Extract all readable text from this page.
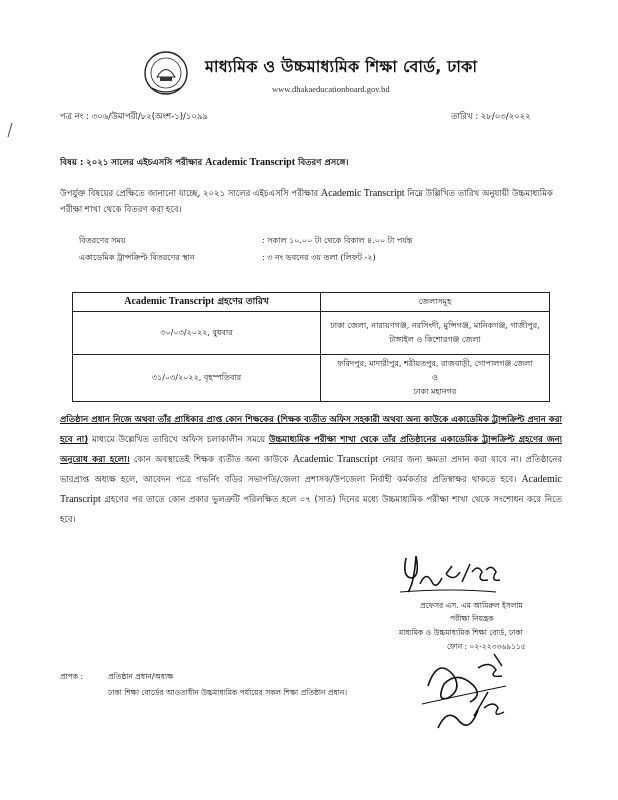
মাধ্যমিক ও উচ্চমাধ্যমিক শিক্ষা বোর্ড, ঢাকা
www.dhakaeducationboard.gov.bd
পত্র নং : ৩০৬/উমাপরী/৮২(অংশ-১)/১০৯৯	তারিখ : ২৮/০৩/২০২২
বিষয় : ২০২১ সালের এইচএসসি পরীক্ষার Academic Transcript বিতরণ প্রসঙ্গে।
উপর্যুক্ত বিষয়ের প্রেক্ষিতে জানানো যাচ্ছে, ২০২১ সালের এইচএসসি পরীক্ষার Academic Transcript নিম্নে উল্লিখিত তারিখ অনুযায়ী উচ্চমাধ্যমিক পরীক্ষা শাখা থেকে বিতরণ করা হবে।
বিতরণের সময়	: সকাল ১০.০০ টা থেকে বিকাল ৪.০০ টা পর্যন্ত
একাডেমিক ট্রান্সক্রিপ্ট বিতরণের স্থান	: ৩ নং ভবনের ৩য় তলা (লিফট -২)
Academic Transcript গ্রহণের তারিখ	জেলাসমূহ
৩০/০৩/২০২২, বুধবার	ঢাকা জেলা, নারায়ণগঞ্জ, নরসিংদী, মুন্সিগঞ্জ, মানিকগঞ্জ, গাজীপুর,
টাঙ্গাইল ও কিশোরগঞ্জ জেলা

৩১/০৩/২০২২, বৃহস্পতিবার	ফরিদপুর, মাদারীপুর, শরীয়তপুর, রাজবাড়ী, গোপালগঞ্জ জেলা
ও
ঢাকা মহানগর
প্রতিষ্ঠান প্রধান নিজে অথবা তাঁর প্রাধিকার প্রাপ্ত কোন শিক্ষকের (শিক্ষক ব্যতীত অফিস সহকারী অথবা অন্য কাউকে একাডেমিক ট্রান্সক্রিপ্ট প্রদান করা হবে না) মাধ্যমে উল্লেখিত তারিখে অফিস চলাকালীন সময়ে উচ্চমাধ্যমিক পরীক্ষা শাখা থেকে তাঁর প্রতিষ্ঠানের একাডেমিক ট্রান্সক্রিপ্ট গ্রহণের জন্য অনুরোধ করা হলো। কোন অবস্থাতেই শিক্ষক ব্যতীত অন্য কাউকে Academic Transcript নেয়ার জন্য ক্ষমতা প্রদান করা যাবে না। প্রতিষ্ঠানের ভারপ্রাপ্ত অধ্যক্ষ হলে, আবেদন পত্রে গভর্নিং বডির সভাপতি/জেলা প্রশাসক/উপজেলা নির্বাহী কর্মকর্তার প্রতিস্বাক্ষর থাকতে হবে। Academic Transcript গ্রহণের পর তাতে কোন প্রকার ভুলত্রুটি পরিলক্ষিত হলে ০৭ (সাত) দিনের মধ্যে উচ্চমাধ্যমিক পরীক্ষা শাখা থেকে সংশোধন করে নিতে হবে।
প্রফেসর এস. এম আমিরুল ইসলাম
পরীক্ষা নিয়ন্ত্রক
মাধ্যমিক ও উচ্চমাধ্যমিক শিক্ষা বোর্ড, ঢাকা
ফোন : ০২-২২৩৩৬৯১১৫
প্রাপক :	প্রতিষ্ঠান প্রধান/অধ্যক্ষ
ঢাকা শিক্ষা বোর্ডের আওতাধীন উচ্চমাধ্যমিক পর্যায়ের সকল শিক্ষা প্রতিষ্ঠান প্রধান।
